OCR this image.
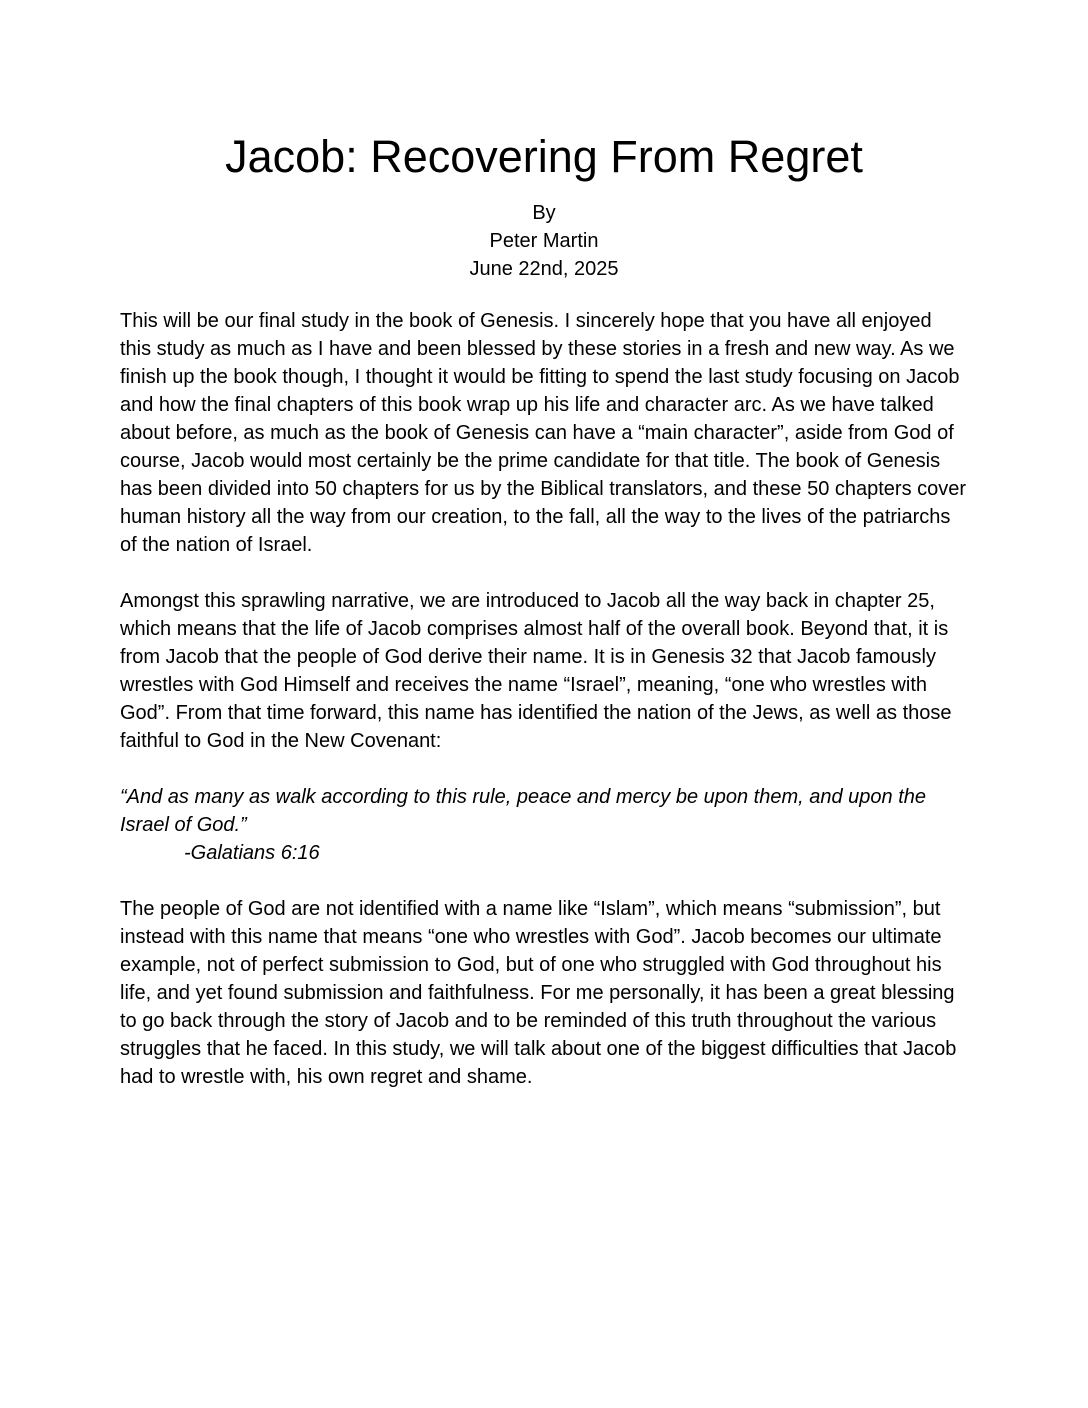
Jacob: Recovering From Regret
By
Peter Martin
June 22nd, 2025

This will be our final study in the book of Genesis. I sincerely hope that you have all enjoyed this study as much as I have and been blessed by these stories in a fresh and new way. As we finish up the book though, I thought it would be fitting to spend the last study focusing on Jacob and how the final chapters of this book wrap up his life and character arc. As we have talked about before, as much as the book of Genesis can have a “main character”, aside from God of course, Jacob would most certainly be the prime candidate for that title. The book of Genesis has been divided into 50 chapters for us by the Biblical translators, and these 50 chapters cover human history all the way from our creation, to the fall, all the way to the lives of the patriarchs of the nation of Israel.

Amongst this sprawling narrative, we are introduced to Jacob all the way back in chapter 25, which means that the life of Jacob comprises almost half of the overall book. Beyond that, it is from Jacob that the people of God derive their name. It is in Genesis 32 that Jacob famously wrestles with God Himself and receives the name “Israel”, meaning, “one who wrestles with God”. From that time forward, this name has identified the nation of the Jews, as well as those faithful to God in the New Covenant:

“And as many as walk according to this rule, peace and mercy be upon them, and upon the Israel of God.”

-Galatians 6:16

The people of God are not identified with a name like “Islam”, which means “submission”, but instead with this name that means “one who wrestles with God”. Jacob becomes our ultimate example, not of perfect submission to God, but of one who struggled with God throughout his life, and yet found submission and faithfulness. For me personally, it has been a great blessing to go back through the story of Jacob and to be reminded of this truth throughout the various struggles that he faced. In this study, we will talk about one of the biggest difficulties that Jacob had to wrestle with, his own regret and shame.
